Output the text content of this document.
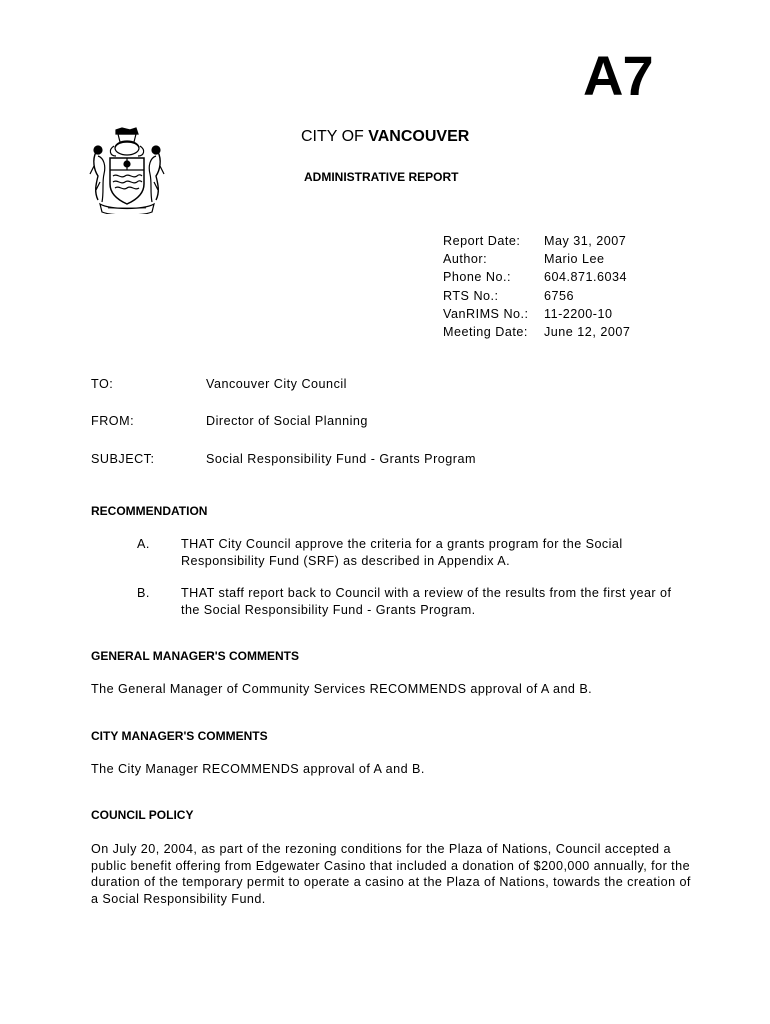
A7
CITY OF VANCOUVER
ADMINISTRATIVE REPORT
Report Date:	May 31, 2007
Author:	Mario Lee
Phone No.:	604.871.6034
RTS No.:	6756
VanRIMS No.:	11-2200-10
Meeting Date:	June 12, 2007
TO:	Vancouver City Council
FROM:	Director of Social Planning
SUBJECT:	Social Responsibility Fund - Grants Program
RECOMMENDATION
A.	THAT City Council approve the criteria for a grants program for the Social Responsibility Fund (SRF) as described in Appendix A.
B.	THAT staff report back to Council with a review of the results from the first year of the Social Responsibility Fund - Grants Program.
GENERAL MANAGER'S COMMENTS
The General Manager of Community Services RECOMMENDS approval of A and B.
CITY MANAGER'S COMMENTS
The City Manager RECOMMENDS approval of A and B.
COUNCIL POLICY
On July 20, 2004, as part of the rezoning conditions for the Plaza of Nations, Council accepted a public benefit offering from Edgewater Casino that included a donation of $200,000 annually, for the duration of the temporary permit to operate a casino at the Plaza of Nations, towards the creation of a Social Responsibility Fund.
